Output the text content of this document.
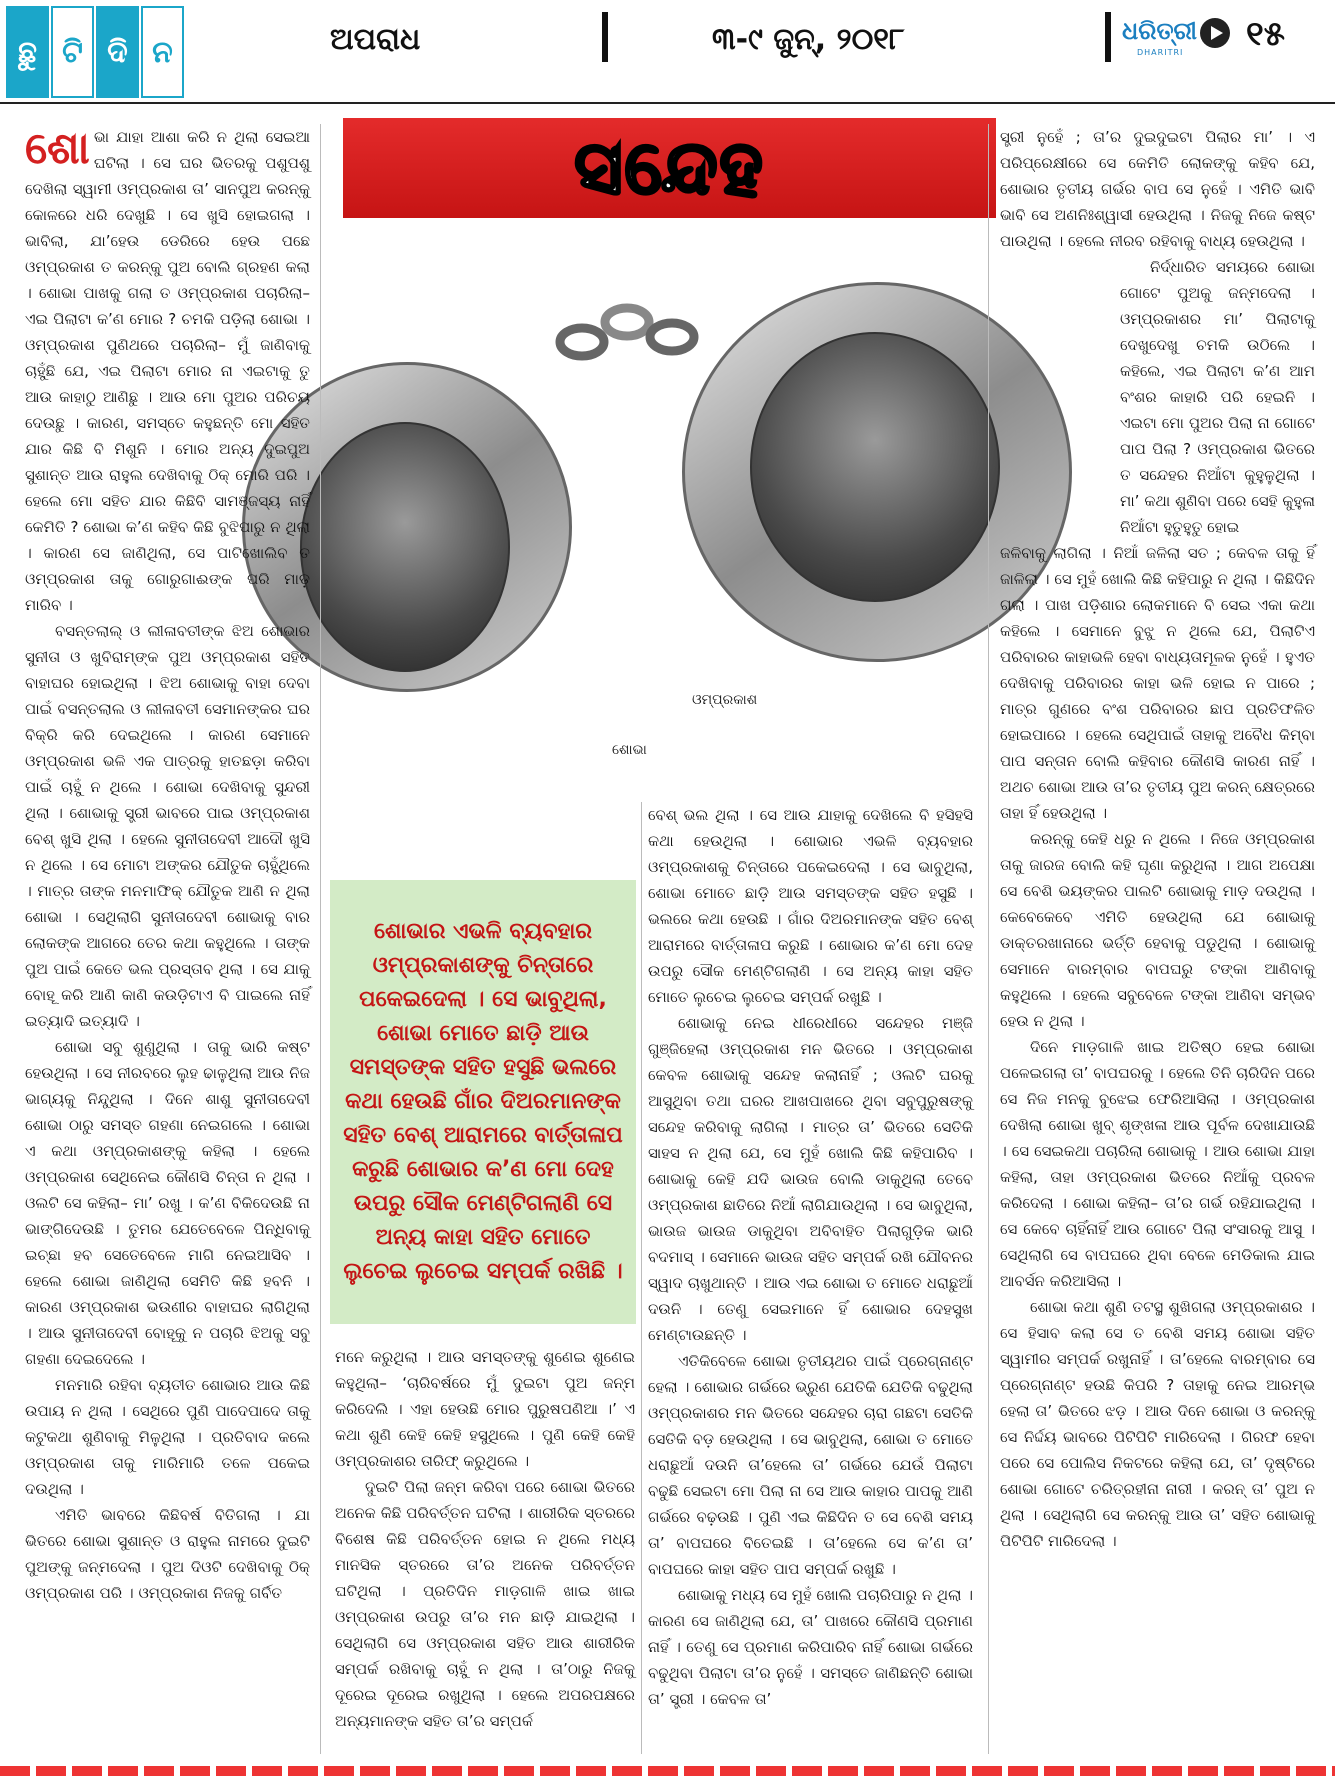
ଛୁ ଟି ଦି ନ	ଅପରାଧ	୩-୯ ଜୁନ୍, ୨୦୧୮	ଧରିତ୍ରୀ
DHARITRI ୧୫
ସନ୍ଦେହ
ଶୋଭା
ଓମ୍‌ପ୍ରକାଶ
ଶୋ ଭା ଯାହା ଆଶା କରି ନ ଥିଲା ସେଇଆ ଘଟିଲା । ସେ ଘର ଭିତରକୁ ପଶୁପଶୁ ଦେଖିଲା ସ୍ୱାମୀ ଓମ୍‌ପ୍ରକାଶ ତା’ ସାନପୁଅ କରନ୍‌କୁ କୋଳରେ ଧରି ଦେଖୁଛି । ସେ ଖୁସି ହୋଇଗଲା । ଭାବିଲା, ଯା’ହେଉ ଡେରିରେ ହେଉ ପଛେ ଓମ୍‌ପ୍ରକାଶ ତ କରନ୍‌କୁ ପୁଅ ବୋଲି ଗ୍ରହଣ କଲା । ଶୋଭା ପାଖକୁ ଗଲା ତ ଓମ୍‌ପ୍ରକାଶ ପଚାରିଲା– ଏଇ ପିଲାଟା କ’ଣ ମୋର ? ଚମକି ପଡ଼ିଲା ଶୋଭା । ଓମ୍‌ପ୍ରକାଶ ପୁଣିଥରେ ପଚାରିଲା– ମୁଁ ଜାଣିବାକୁ ଚାହୁଁଛି ଯେ, ଏଇ ପିଲାଟା ମୋର ନା ଏଇଟାକୁ ତୁ ଆଉ କାହାଠୁ ଆଣିଛୁ । ଆଉ ମୋ ପୁଅର ପରିଚୟ ଦେଉଛୁ । କାରଣ, ସମସ୍ତେ କହୁଛନ୍ତି ମୋ ସହିତ ଯାର କିଛି ବି ମିଶୁନି । ମୋର ଅନ୍ୟ ଦୁଇପୁଅ ସୁଶାନ୍ତ ଆଉ ରାହୁଲ ଦେଖିବାକୁ ଠିକ୍ ମୋରି ପରି । ହେଲେ ମୋ ସହିତ ଯାର କିଛିବି ସାମଞ୍ଜସ୍ୟ ନାହିଁ କେମିତି ? ଶୋଭା କ’ଣ କହିବ କିଛି ବୁଝିପାରୁ ନ ଥିଲା । କାରଣ ସେ ଜାଣିଥିଲା, ସେ ପାଟିଖୋଲିବ ତ ଓମ୍‌ପ୍ରକାଶ ତାକୁ ଗୋରୁଗାଈଙ୍କ ପରି ମାଡ଼ ମାରିବ ।

ବସନ୍ତଲାଲ୍ ଓ ଲୀଳାବତୀଙ୍କ ଝିଅ ଶୋଭାର ସୁନୀତା ଓ ଖୁବିରାମ୍‌ଙ୍କ ପୁଅ ଓମ୍‌ପ୍ରକାଶ ସହିତ ବାହାଘର ହୋଇଥିଲା । ଝିଅ ଶୋଭାକୁ ବାହା ଦେବା ପାଇଁ ବସନ୍ତଲାଲ ଓ ଲୀଳାବତୀ ସେମାନଙ୍କର ଘର ବିକ୍ରି କରି ଦେଇଥିଲେ । କାରଣ ସେମାନେ ଓମ୍‌ପ୍ରକାଶ ଭଳି ଏକ ପାତ୍ରକୁ ହାତଛଡ଼ା କରିବା ପାଇଁ ଚାହୁଁ ନ ଥିଲେ । ଶୋଭା ଦେଖିବାକୁ ସୁନ୍ଦରୀ ଥିଲା । ଶୋଭାକୁ ସ୍ତ୍ରୀ ଭାବରେ ପାଇ ଓମ୍‌ପ୍ରକାଶ ବେଶ୍ ଖୁସି ଥିଲା । ହେଲେ ସୁନୀତାଦେବୀ ଆଦୌ ଖୁସି ନ ଥିଲେ । ସେ ମୋଟା ଅଙ୍କର ଯୌତୁକ ଚାହୁଁଥିଲେ । ମାତ୍ର ତାଙ୍କ ମନମାଫିକ୍ ଯୌତୁକ ଆଣି ନ ଥିଲା ଶୋଭା । ସେଥିଲାଗି ସୁନୀତାଦେବୀ ଶୋଭାକୁ ବାର ଲୋକଙ୍କ ଆଗରେ ତେର କଥା କହୁଥିଲେ । ତାଙ୍କ ପୁଅ ପାଇଁ କେତେ ଭଲ ପ୍ରସ୍ତାବ ଥିଲା । ସେ ଯାକୁ ବୋହୂ କରି ଆଣି କାଣି କଉଡ଼ିଟାଏ ବି ପାଇଲେ ନାହିଁ ଇତ୍ୟାଦି ଇତ୍ୟାଦି ।

ଶୋଭା ସବୁ ଶୁଣୁଥିଲା । ତାକୁ ଭାରି କଷ୍ଟ ହେଉଥିଲା । ସେ ନୀରବରେ ଲୁହ ଢାଳୁଥିଲା ଆଉ ନିଜ ଭାଗ୍ୟକୁ ନିନ୍ଦୁଥିଲା । ଦିନେ ଶାଶୁ ସୁନୀତାଦେବୀ ଶୋଭା ଠାରୁ ସମସ୍ତ ଗହଣା ନେଇଗଲେ । ଶୋଭା ଏ କଥା ଓମ୍‌ପ୍ରକାଶଙ୍କୁ କହିଲା । ହେଲେ ଓମ୍‌ପ୍ରକାଶ ସେଥିନେଇ କୌଣସି ଚିନ୍ତା ନ ଥିଲା । ଓଲଟି ସେ କହିଲା– ମା’ ରଖୁ । କ’ଣ ବିକିଦେଉଛି ନା ଭାଙ୍ଗିଦେଉଛି । ତୁମର ଯେତେବେଳେ ପିନ୍ଧିବାକୁ ଇଚ୍ଛା ହବ ସେତେବେଳେ ମାଗି ନେଇଆସିବ । ହେଲେ ଶୋଭା ଜାଣିଥିଲା ସେମିତି କିଛି ହବନି । କାରଣ ଓମ୍‌ପ୍ରକାଶ ଭଉଣୀର ବାହାଘର ଲାଗିଥିଲା । ଆଉ ସୁନୀତାଦେବୀ ବୋହୂକୁ ନ ପଚାରି ଝିଅକୁ ସବୁ ଗହଣା ଦେଇଦେଲେ ।

ମନମାରି ରହିବା ବ୍ୟତୀତ ଶୋଭାର ଆଉ କିଛି ଉପାୟ ନ ଥିଲା । ସେଥିରେ ପୁଣି ପାଦେପାଦେ ତାକୁ କଟୁକଥା ଶୁଣିବାକୁ ମିଳୁଥିଲା । ପ୍ରତିବାଦ କଲେ ଓମ୍‌ପ୍ରକାଶ ତାକୁ ମାରିମାରି ତଳେ ପକେଇ ଦଉଥିଲା ।

ଏମିତି ଭାବରେ କିଛିବର୍ଷ ବିତିଗଲା । ଯା ଭିତରେ ଶୋଭା ସୁଶାନ୍ତ ଓ ରାହୁଲ ନାମରେ ଦୁଇଟି ପୁଅଙ୍କୁ ଜନ୍ମଦେଲା । ପୁଅ ଦିଓଟି ଦେଖିବାକୁ ଠିକ୍ ଓମ୍‌ପ୍ରକାଶ ପରି । ଓମ୍‌ପ୍ରକାଶ ନିଜକୁ ଗର୍ବିତ

ଶୋଭାର ଏଭଳି ବ୍ୟବହାର ଓମ୍‌ପ୍ରକାଶଙ୍କୁ ଚିନ୍ତାରେ ପକେଇଦେଲା । ସେ ଭାବୁଥିଲା, ଶୋଭା ମୋତେ ଛାଡ଼ି ଆଉ ସମସ୍ତଙ୍କ ସହିତ ହସୁଛି ଭଲରେ କଥା ହେଉଛି ଗାଁର ଦିଅରମାନଙ୍କ ସହିତ ବେଶ୍ ଆରାମରେ ବାର୍ତ୍ତାଳାପ କରୁଛି ଶୋଭାର କ’ଣ ମୋ ଦେହ ଉପରୁ ସୌକ ମେଣ୍ଟିଗଲାଣି ସେ ଅନ୍ୟ କାହା ସହିତ ମୋତେ ଲୁଚେଇ ଲୁଚେଇ ସମ୍ପର୍କ ରଖିଛି ।

ମନେ କରୁଥିଲା । ଆଉ ସମସ୍ତଙ୍କୁ ଶୁଣେଇ ଶୁଣେଇ କହୁଥିଲା– ‘ଚାରିବର୍ଷରେ ମୁଁ ଦୁଇଟା ପୁଅ ଜନ୍ମ କରିଦେଲି । ଏହା ହେଉଛି ମୋର ପୁରୁଷପଣିଆ ।’ ଏ କଥା ଶୁଣି କେହି କେହି ହସୁଥିଲେ । ପୁଣି କେହି କେହି ଓମ୍‌ପ୍ରକାଶର ତାରିଫ୍ କରୁଥିଲେ ।

ଦୁଇଟି ପିଲା ଜନ୍ମ କରିବା ପରେ ଶୋଭା ଭିତରେ ଅନେକ କିଛି ପରିବର୍ତ୍ତନ ଘଟିଲା । ଶାରୀରିକ ସ୍ତରରେ ବିଶେଷ କିଛି ପରିବର୍ତ୍ତନ ହୋଇ ନ ଥିଲେ ମଧ୍ୟ ମାନସିକ ସ୍ତରରେ ତା’ର ଅନେକ ପରିବର୍ତ୍ତନ ଘଟିଥିଲା । ପ୍ରତିଦିନ ମାଡ଼ଗାଳି ଖାଇ ଖାଇ ଓମ୍‌ପ୍ରକାଶ ଉପରୁ ତା’ର ମନ ଛାଡ଼ି ଯାଇଥିଲା । ସେଥିଲାଗି ସେ ଓମ୍‌ପ୍ରକାଶ ସହିତ ଆଉ ଶାରୀରିକ ସମ୍ପର୍କ ରଖିବାକୁ ଚାହୁଁ ନ ଥିଲା । ତା’ଠାରୁ ନିଜକୁ ଦୂରେଇ ଦୂରେଇ ରଖୁଥିଲା । ହେଲେ ଅପରପକ୍ଷରେ ଅନ୍ୟମାନଙ୍କ ସହିତ ତା’ର ସମ୍ପର୍କ

ବେଶ୍ ଭଲ ଥିଲା । ସେ ଆଉ ଯାହାକୁ ଦେଖିଲେ ବି ହସିହସି କଥା ହେଉଥିଲା । ଶୋଭାର ଏଭଳି ବ୍ୟବହାର ଓମ୍‌ପ୍ରକାଶକୁ ଚିନ୍ତାରେ ପକେଇଦେଲା । ସେ ଭାବୁଥିଲା, ଶୋଭା ମୋତେ ଛାଡ଼ି ଆଉ ସମସ୍ତଙ୍କ ସହିତ ହସୁଛି । ଭଲରେ କଥା ହେଉଛି । ଗାଁର ଦିଅରମାନଙ୍କ ସହିତ ବେଶ୍ ଆରାମରେ ବାର୍ତ୍ତାଳାପ କରୁଛି । ଶୋଭାର କ’ଣ ମୋ ଦେହ ଉପରୁ ସୌକ ମେଣ୍ଟିଗଲାଣି । ସେ ଅନ୍ୟ କାହା ସହିତ ମୋତେ ଲୁଚେଇ ଲୁଚେଇ ସମ୍ପର୍କ ରଖୁଛି ।

ଶୋଭାକୁ ନେଇ ଧୀରେଧୀରେ ସନ୍ଦେହର ମଞ୍ଜି ଗୁଞ୍ଜିହେଲା ଓମ୍‌ପ୍ରକାଶ ମନ ଭିତରେ । ଓମ୍‌ପ୍ରକାଶ କେବଳ ଶୋଭାକୁ ସନ୍ଦେହ କଲାନାହିଁ ; ଓଲଟି ଘରକୁ ଆସୁଥିବା ତଥା ଘରର ଆଖପାଖରେ ଥିବା ସବୁପୁରୁଷଙ୍କୁ ସନ୍ଦେହ କରିବାକୁ ଲାଗିଲା । ମାତ୍ର ତା’ ଭିତରେ ସେତିକି ସାହସ ନ ଥିଲା ଯେ, ସେ ମୁହଁ ଖୋଲି କିଛି କହିପାରିବ । ଶୋଭାକୁ କେହି ଯଦି ଭାଉଜ ବୋଲି ଡାକୁଥିଲା ତେବେ ଓମ୍‌ପ୍ରକାଶ ଛାତିରେ ନିଆଁ ଲାଗିଯାଉଥିଲା । ସେ ଭାବୁଥିଲା, ଭାଉଜ ଭାଉଜ ଡାକୁଥିବା ଅବିବାହିତ ପିଲାଗୁଡ଼ିକ ଭାରି ବଦମାସ୍ । ସେମାନେ ଭାଉଜ ସହିତ ସମ୍ପର୍କ ରଖି ଯୌବନର ସ୍ୱାଦ ଚାଖୁଥାନ୍ତି । ଆଉ ଏଇ ଶୋଭା ତ ମୋତେ ଧରାଛୁଆଁ ଦଉନି । ତେଣୁ ସେଇମାନେ ହିଁ ଶୋଭାର ଦେହସୁଖ ମେଣ୍ଟାଉଛନ୍ତି ।

ଏତିକିବେଳେ ଶୋଭା ତୃତୀୟଥର ପାଇଁ ପ୍ରେଗ୍‌ନାଣ୍ଟ ହେଲା । ଶୋଭାର ଗର୍ଭରେ ଭ୍ରୁଣ ଯେତିକି ଯେତିକି ବଢୁଥିଲା ଓମ୍‌ପ୍ରକାଶର ମନ ଭିତରେ ସନ୍ଦେହର ଚାରା ଗଛଟା ସେତିକି ସେତିକି ବଡ଼ ହେଉଥିଲା । ସେ ଭାବୁଥିଲା, ଶୋଭା ତ ମୋତେ ଧରାଛୁଆଁ ଦଉନି ତା’ହେଲେ ତା’ ଗର୍ଭରେ ଯେଉଁ ପିଲାଟା ବଢୁଛି ସେଇଟା ମୋ ପିଲା ନା ସେ ଆଉ କାହାର ପାପକୁ ଆଣି ଗର୍ଭରେ ବଢ଼ଉଛି । ପୁଣି ଏଇ କିଛିଦିନ ତ ସେ ବେଶି ସମୟ ତା’ ବାପଘରେ ବିତେଇଛି । ତା’ହେଲେ ସେ କ’ଣ ତା’ ବାପଘରେ କାହା ସହିତ ପାପ ସମ୍ପର୍କ ରଖୁଛି ।

ଶୋଭାକୁ ମଧ୍ୟ ସେ ମୁହଁ ଖୋଲି ପଚାରିପାରୁ ନ ଥିଲା । କାରଣ ସେ ଜାଣିଥିଲା ଯେ, ତା’ ପାଖରେ କୌଣସି ପ୍ରମାଣ ନାହିଁ । ତେଣୁ ସେ ପ୍ରମାଣ କରିପାରିବ ନାହିଁ ଶୋଭା ଗର୍ଭରେ ବଢୁଥିବା ପିଲାଟା ତା’ର ନୁହେଁ । ସମସ୍ତେ ଜାଣିଛନ୍ତି ଶୋଭା ତା’ ସ୍ତ୍ରୀ । କେବଳ ତା’

ସ୍ତ୍ରୀ ନୁହେଁ ; ତା’ର ଦୁଇଦୁଇଟା ପିଲାର ମା’ । ଏ ପରିପ୍ରେକ୍ଷୀରେ ସେ କେମିତି ଲୋକଙ୍କୁ କହିବ ଯେ, ଶୋଭାର ତୃତୀୟ ଗର୍ଭର ବାପ ସେ ନୁହେଁ । ଏମିତି ଭାବି ଭାବି ସେ ଅଣନିଃଶ୍ୱାସୀ ହେଉଥିଲା । ନିଜକୁ ନିଜେ କଷ୍ଟ ପାଉଥିଲା । ହେଲେ ନୀରବ ରହିବାକୁ ବାଧ୍ୟ ହେଉଥିଲା ।

ନିର୍ଦ୍ଧାରିତ ସମୟରେ ଶୋଭା ଗୋଟେ ପୁଅକୁ ଜନ୍ମଦେଲା । ଓମ୍‌ପ୍ରକାଶର ମା’ ପିଲାଟାକୁ ଦେଖୁଦେଖୁ ଚମକି ଉଠିଲେ । କହିଲେ, ଏଇ ପିଲାଟା କ’ଣ ଆମ ବଂଶର କାହାରି ପରି ହେଇନି । ଏଇଟା ମୋ ପୁଅର ପିଲା ନା ଗୋଟେ ପାପ ପିଲା ? ଓମ୍‌ପ୍ରକାଶ ଭିତରେ ତ ସନ୍ଦେହର ନିଆଁଟା କୁହୁଳୁଥିଲା । ମା’ କଥା ଶୁଣିବା ପରେ ସେହି କୁହୁଳା ନିଆଁଟା ହୁତୁହୁତୁ ହୋଇ

ଜଳିବାକୁ ଲାଗିଲା । ନିଆଁ ଜଳିଲା ସତ ; କେବଳ ତାକୁ ହିଁ ଜାଳିଲା । ସେ ମୁହଁ ଖୋଲି କିଛି କହିପାରୁ ନ ଥିଲା । କିଛିଦିନ ଗଲା । ପାଖ ପଡ଼ିଶାର ଲୋକମାନେ ବି ସେଇ ଏକା କଥା କହିଲେ । ସେମାନେ ବୁଝୁ ନ ଥିଲେ ଯେ, ପିଲାଟିଏ ପରିବାରର କାହାଭଳି ହେବା ବାଧ୍ୟତାମୂଳକ ନୁହେଁ । ହୁଏତ ଦେଖିବାକୁ ପରିବାରର କାହା ଭଳି ହୋଇ ନ ପାରେ ; ମାତ୍ର ଗୁଣରେ ବଂଶ ପରିବାରର ଛାପ ପ୍ରତିଫଳିତ ହୋଇପାରେ । ହେଲେ ସେଥିପାଇଁ ତାହାକୁ ଅବୈଧ କିମ୍ବା ପାପ ସନ୍ତାନ ବୋଲି କହିବାର କୌଣସି କାରଣ ନାହିଁ । ଅଥଚ ଶୋଭା ଆଉ ତା’ର ତୃତୀୟ ପୁଅ କରନ୍ କ୍ଷେତ୍ରରେ ତାହା ହିଁ ହେଉଥିଲା ।

କରନ୍‌କୁ କେହି ଧରୁ ନ ଥିଲେ । ନିଜେ ଓମ୍‌ପ୍ରକାଶ ତାକୁ ଜାରଜ ବୋଲି କହି ଘୃଣା କରୁଥିଲା । ଆଗ ଅପେକ୍ଷା ସେ ବେଶି ଭୟଙ୍କର ପାଲଟି ଶୋଭାକୁ ମାଡ଼ ଦଉଥିଲା । କେବେକେବେ ଏମିତି ହେଉଥିଲା ଯେ ଶୋଭାକୁ ଡାକ୍ତରଖାନାରେ ଭର୍ତ୍ତି ହେବାକୁ ପଡୁଥିଲା । ଶୋଭାକୁ ସେମାନେ ବାରମ୍ବାର ବାପଘରୁ ଟଙ୍କା ଆଣିବାକୁ କହୁଥିଲେ । ହେଲେ ସବୁବେଳେ ଟଙ୍କା ଆଣିବା ସମ୍ଭବ ହେଉ ନ ଥିଲା ।

ଦିନେ ମାଡ଼ଗାଳି ଖାଇ ଅତିଷ୍ଠ ହେଇ ଶୋଭା ପଳେଇଗଲା ତା’ ବାପଘରକୁ । ହେଲେ ତିନି ଚାରିଦିନ ପରେ ସେ ନିଜ ମନକୁ ବୁଝେଇ ଫେରିଆସିଲା । ଓମ୍‌ପ୍ରକାଶ ଦେଖିଲା ଶୋଭା ଖୁବ୍ ଶୃଙ୍ଖଳା ଆଉ ପୂର୍ବଳ ଦେଖାଯାଉଛି । ସେ ସେଇକଥା ପଚାରିଲା ଶୋଭାକୁ । ଆଉ ଶୋଭା ଯାହା କହିଲା, ତାହା ଓମ୍‌ପ୍ରକାଶ ଭିତରେ ନିଆଁକୁ ପ୍ରବଳ କରିଦେଲା । ଶୋଭା କହିଲା– ତା’ର ଗର୍ଭ ରହିଯାଇଥିଲା । ସେ କେବେ ଚାହିଁନାହିଁ ଆଉ ଗୋଟେ ପିଲା ସଂସାରକୁ ଆସୁ । ସେଥିଲାଗି ସେ ବାପଘରେ ଥିବା ବେଳେ ମେଡିକାଲ ଯାଇ ଆବର୍ସନ କରିଆସିଲା ।

ଶୋଭା କଥା ଶୁଣି ତଟସ୍ଥ ଶୁଖିଗଲା ଓମ୍‌ପ୍ରକାଶର । ସେ ହିସାବ କଲା ସେ ତ ବେଶି ସମୟ ଶୋଭା ସହିତ ସ୍ୱାମୀର ସମ୍ପର୍କ ରଖୁନାହିଁ । ତା’ହେଲେ ବାରମ୍ବାର ସେ ପ୍ରେଗ୍‌ନାଣ୍ଟ ହଉଛି କିପରି ? ତାହାକୁ ନେଇ ଆରମ୍ଭ ହେଲା ତା’ ଭିତରେ ଝଡ଼ । ଆଉ ଦିନେ ଶୋଭା ଓ କରନ୍‌କୁ ସେ ନିର୍ଦ୍ଦୟ ଭାବରେ ପିଟିପିଟି ମାରିଦେଲା । ଗିରଫ ହେବା ପରେ ସେ ପୋଲିସ ନିକଟରେ କହିଲା ଯେ, ତା’ ଦୃଷ୍ଟିରେ ଶୋଭା ଗୋଟେ ଚରିତ୍ରହୀନା ନାରୀ । କରନ୍ ତା’ ପୁଅ ନ ଥିଲା । ସେଥିଲାଗି ସେ କରନ୍‌କୁ ଆଉ ତା’ ସହିତ ଶୋଭାକୁ ପିଟିପିଟି ମାରିଦେଲା ।
